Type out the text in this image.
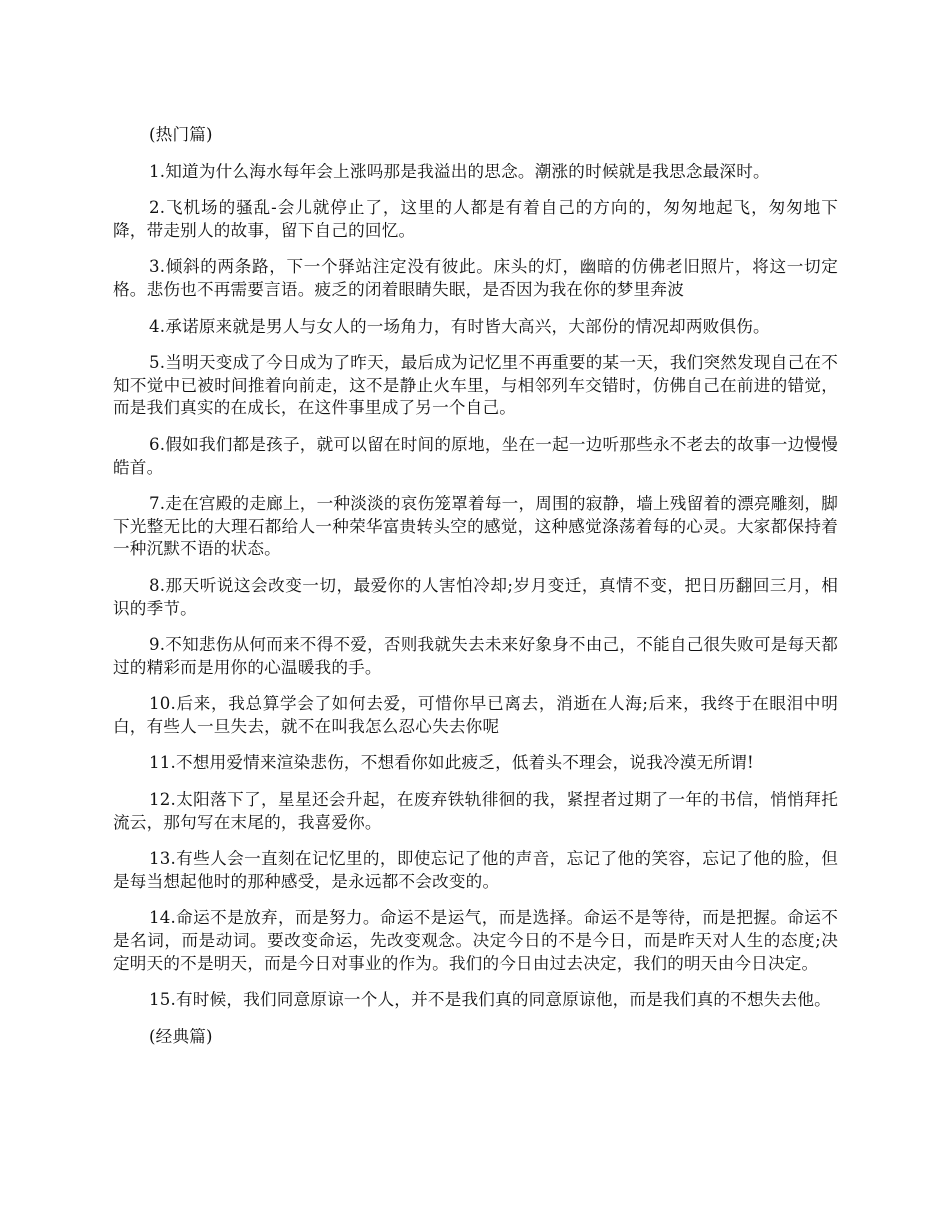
(热门篇)

1.知道为什么海水每年会上涨吗那是我溢出的思念。潮涨的时候就是我思念最深时。

2.飞机场的骚乱-会儿就停止了，这里的人都是有着自己的方向的，匆匆地起飞，匆匆地下降，带走别人的故事，留下自己的回忆。

3.倾斜的两条路，下一个驿站注定没有彼此。床头的灯，幽暗的仿佛老旧照片，将这一切定格。悲伤也不再需要言语。疲乏的闭着眼睛失眠，是否因为我在你的梦里奔波

4.承诺原来就是男人与女人的一场角力，有时皆大高兴，大部份的情况却两败俱伤。

5.当明天变成了今日成为了昨天，最后成为记忆里不再重要的某一天，我们突然发现自己在不知不觉中已被时间推着向前走，这不是静止火车里，与相邻列车交错时，仿佛自己在前进的错觉，而是我们真实的在成长，在这件事里成了另一个自己。

6.假如我们都是孩子，就可以留在时间的原地，坐在一起一边听那些永不老去的故事一边慢慢皓首。

7.走在宫殿的走廊上，一种淡淡的哀伤笼罩着每一，周围的寂静，墙上残留着的漂亮雕刻，脚下光整无比的大理石都给人一种荣华富贵转头空的感觉，这种感觉涤荡着每的心灵。大家都保持着一种沉默不语的状态。

8.那天听说这会改变一切，最爱你的人害怕冷却;岁月变迁，真情不变，把日历翻回三月，相识的季节。

9.不知悲伤从何而来不得不爱，否则我就失去未来好象身不由己，不能自己很失败可是每天都过的精彩而是用你的心温暖我的手。

10.后来，我总算学会了如何去爱，可惜你早已离去，消逝在人海;后来，我终于在眼泪中明白，有些人一旦失去，就不在叫我怎么忍心失去你呢

11.不想用爱情来渲染悲伤，不想看你如此疲乏，低着头不理会，说我冷漠无所谓!

12.太阳落下了，星星还会升起，在废弃铁轨徘徊的我，紧捏者过期了一年的书信，悄悄拜托流云，那句写在末尾的，我喜爱你。

13.有些人会一直刻在记忆里的，即使忘记了他的声音，忘记了他的笑容，忘记了他的脸，但是每当想起他时的那种感受，是永远都不会改变的。

14.命运不是放弃，而是努力。命运不是运气，而是选择。命运不是等待，而是把握。命运不是名词，而是动词。要改变命运，先改变观念。决定今日的不是今日，而是昨天对人生的态度;决定明天的不是明天，而是今日对事业的作为。我们的今日由过去决定，我们的明天由今日决定。

15.有时候，我们同意原谅一个人，并不是我们真的同意原谅他，而是我们真的不想失去他。

(经典篇)
